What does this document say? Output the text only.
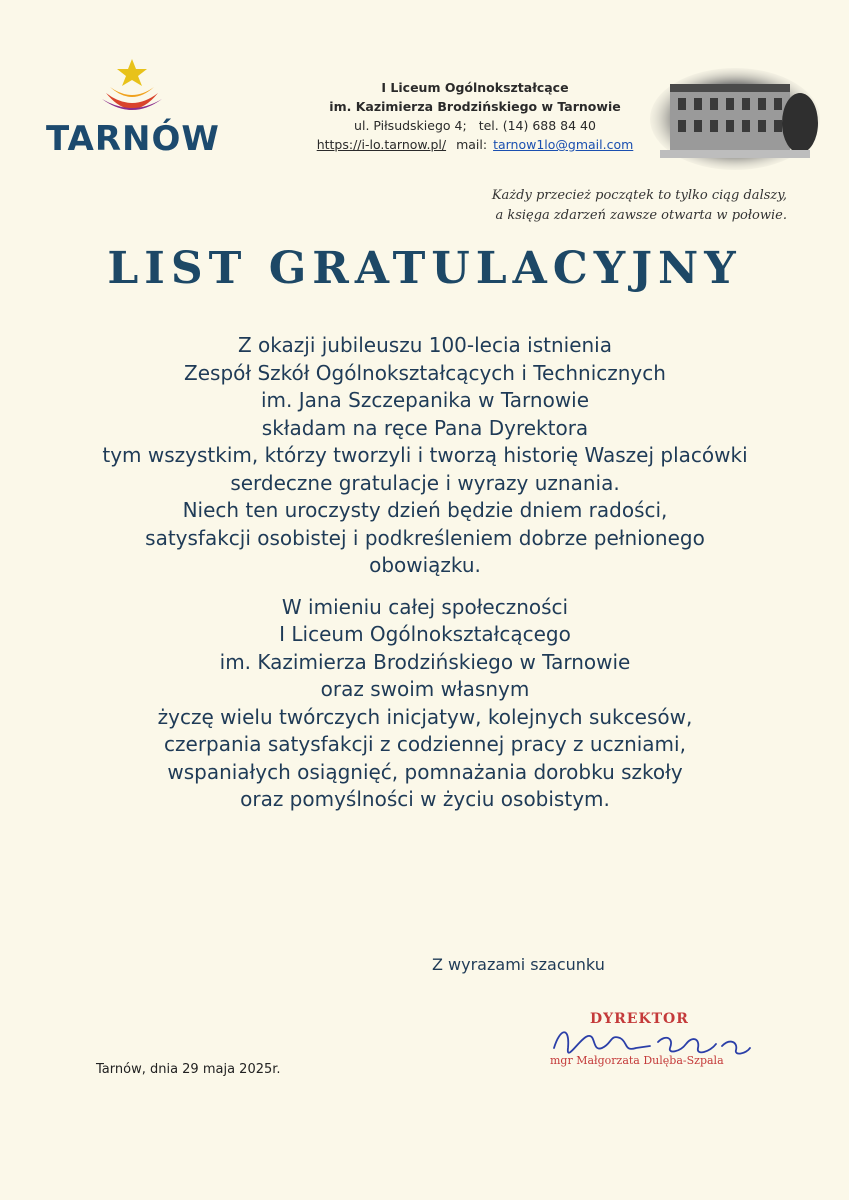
TARNÓW
I Liceum Ogólnokształcące
im. Kazimierza Brodzińskiego w Tarnowie
ul. Piłsudskiego 4; tel. (14) 688 84 40
https://i-lo.tarnow.pl/ mail: tarnow1lo@gmail.com
Każdy przecież początek to tylko ciąg dalszy,
a księga zdarzeń zawsze otwarta w połowie.
LIST GRATULACYJNY

Z okazji jubileuszu 100-lecia istnienia

Zespół Szkół Ogólnokształcących i Technicznych

im. Jana Szczepanika w Tarnowie

składam na ręce Pana Dyrektora

tym wszystkim, którzy tworzyli i tworzą historię Waszej placówki

serdeczne gratulacje i wyrazy uznania.

Niech ten uroczysty dzień będzie dniem radości,

satysfakcji osobistej i podkreśleniem dobrze pełnionego

obowiązku.

W imieniu całej społeczności

I Liceum Ogólnokształcącego

im. Kazimierza Brodzińskiego w Tarnowie

oraz swoim własnym

życzę wielu twórczych inicjatyw, kolejnych sukcesów,

czerpania satysfakcji z codziennej pracy z uczniami,

wspaniałych osiągnięć, pomnażania dorobku szkoły

oraz pomyślności w życiu osobistym.

Z wyrazami szacunku
DYREKTOR
mgr Małgorzata Dulęba-Szpala
Tarnów, dnia 29 maja 2025r.
